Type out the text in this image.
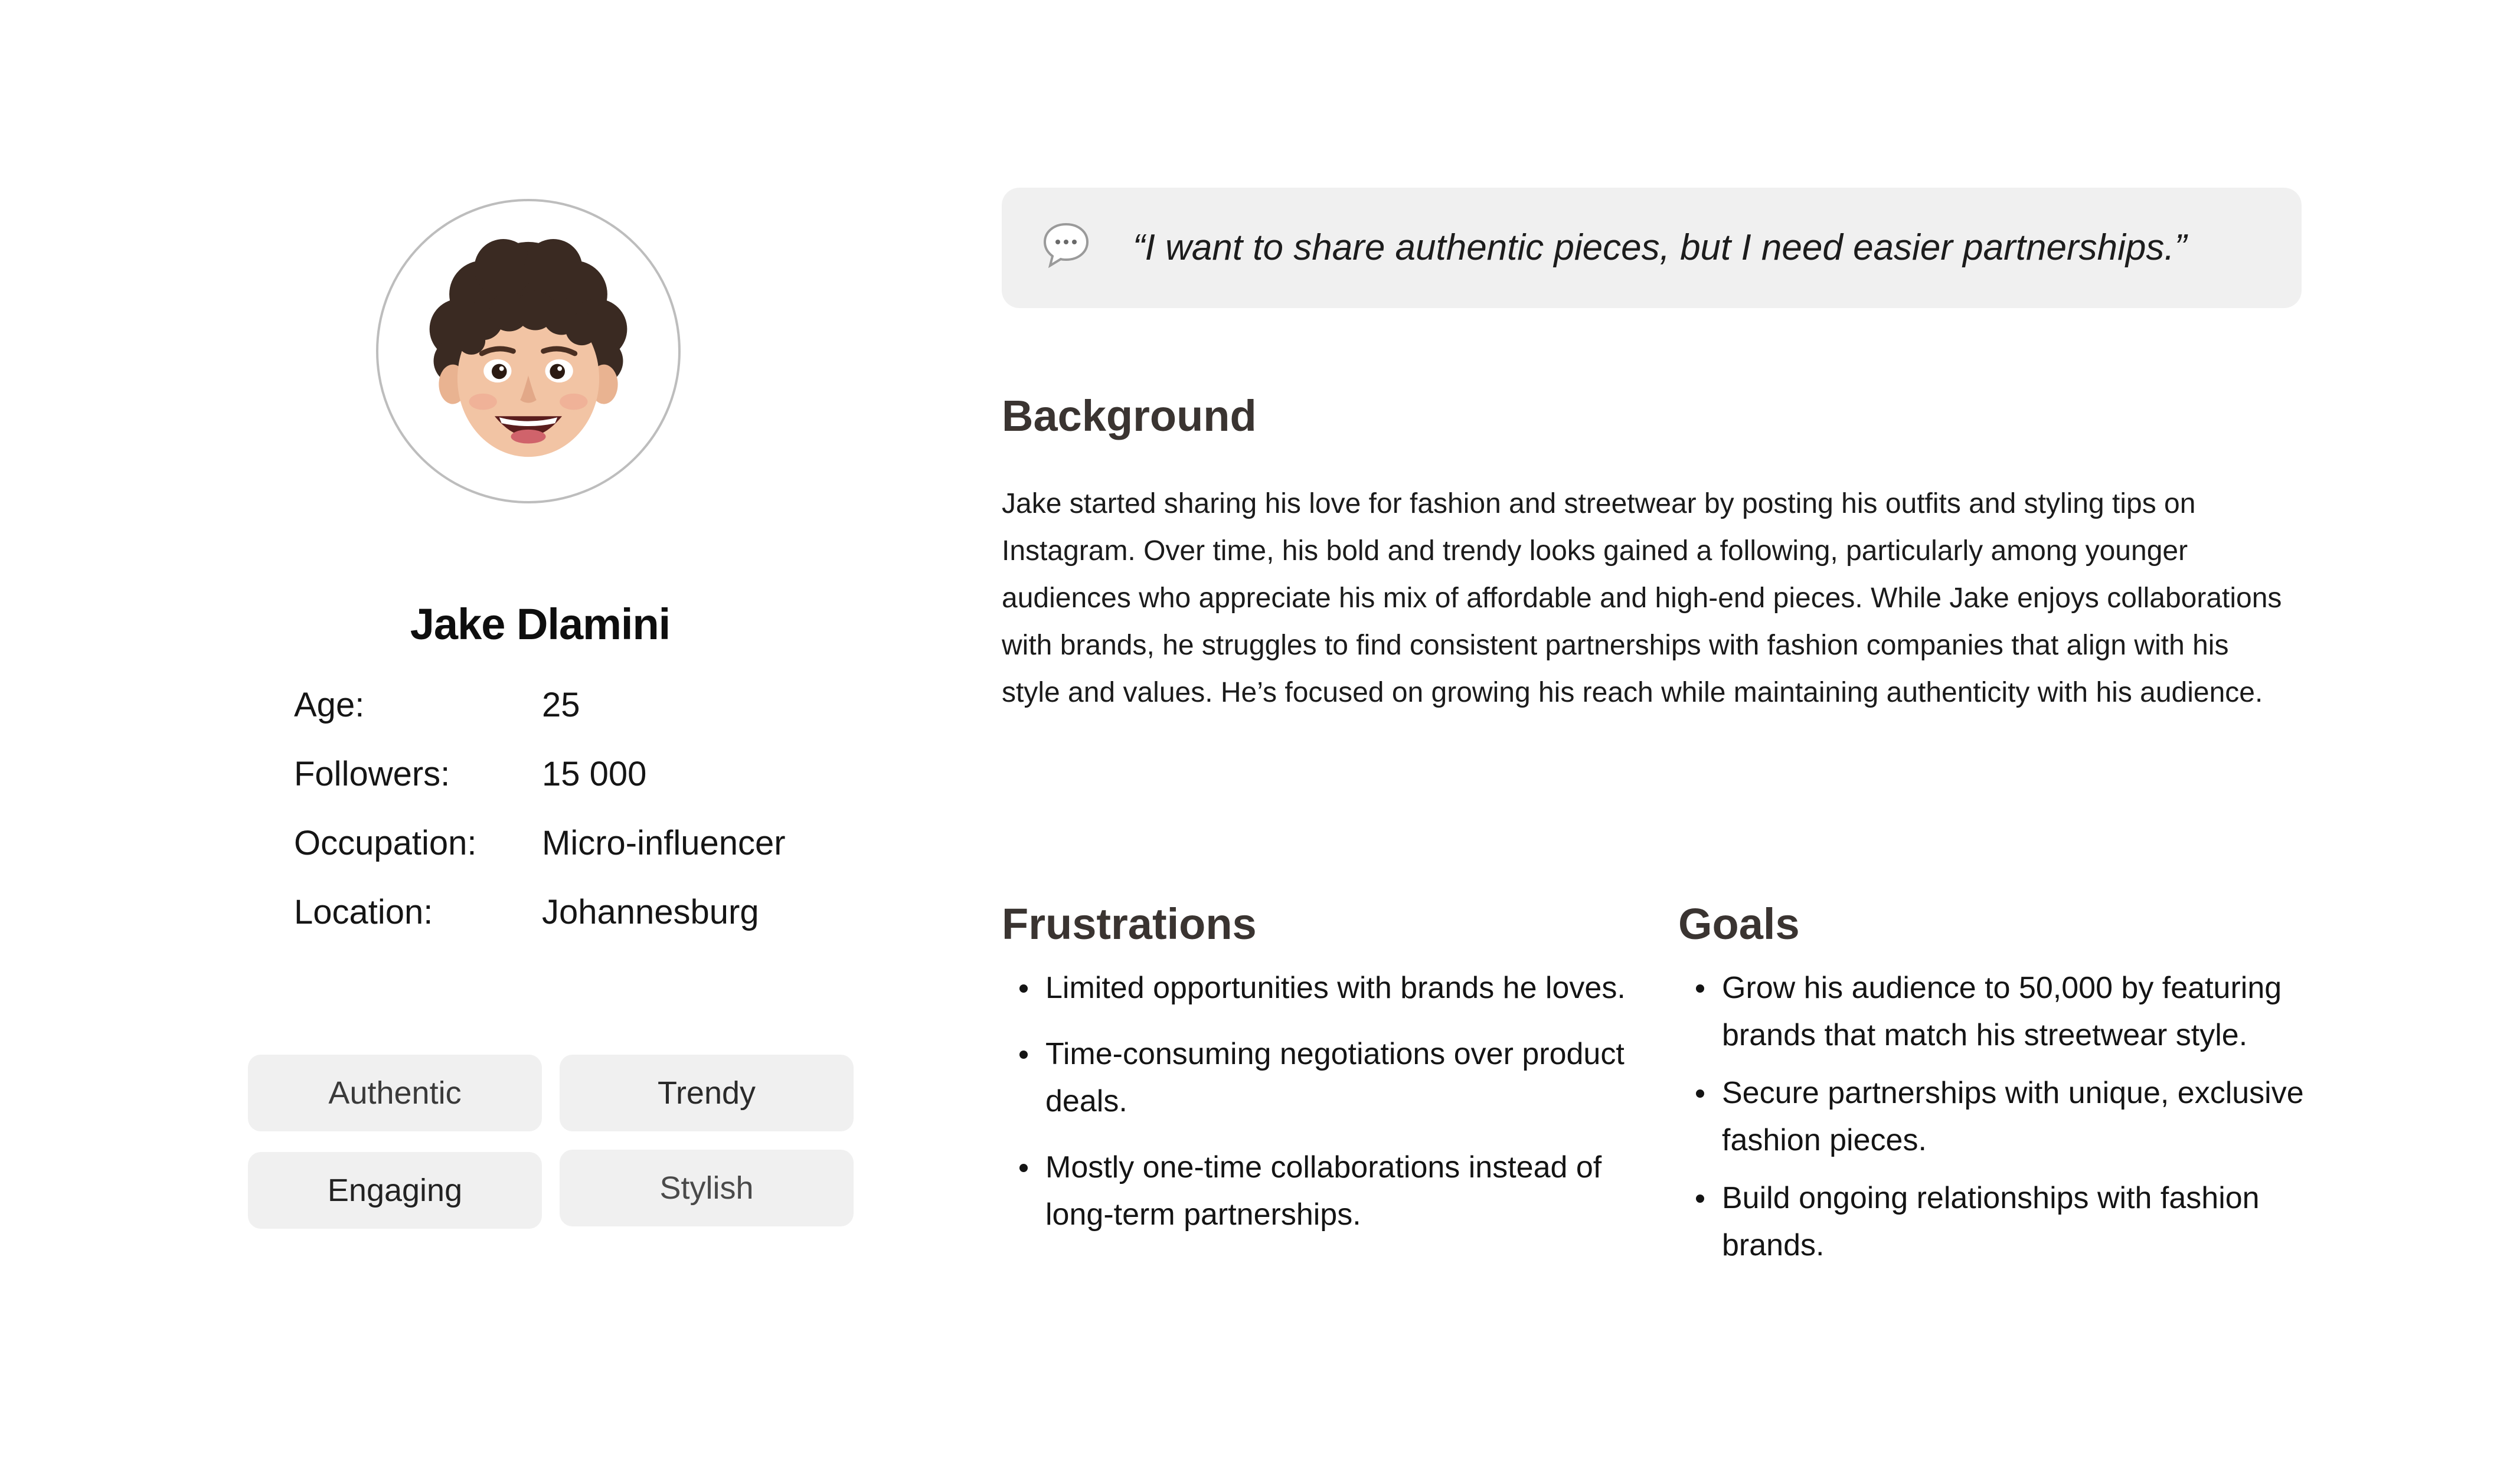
Jake Dlamini
Age:	25
Followers:	15 000
Occupation: Micro-influencer
Location:	Johannesburg
Authentic	Trendy
Engaging	Stylish
“I want to share authentic pieces, but I need easier partnerships.”
Background

Jake started sharing his love for fashion and streetwear by posting his outfits and styling tips on Instagram. Over time, his bold and trendy looks gained a following, particularly among younger audiences who appreciate his mix of affordable and high-end pieces. While Jake enjoys collaborations with brands, he struggles to find consistent partnerships with fashion companies that align with his style and values. He’s focused on growing his reach while maintaining authenticity with his audience.

Frustrations
Limited opportunities with brands he loves.
Time-consuming negotiations over product deals.
Mostly one-time collaborations instead of long-term partnerships.
Goals
Grow his audience to 50,000 by featuring brands that match his streetwear style.
Secure partnerships with unique, exclusive fashion pieces.
Build ongoing relationships with fashion brands.
